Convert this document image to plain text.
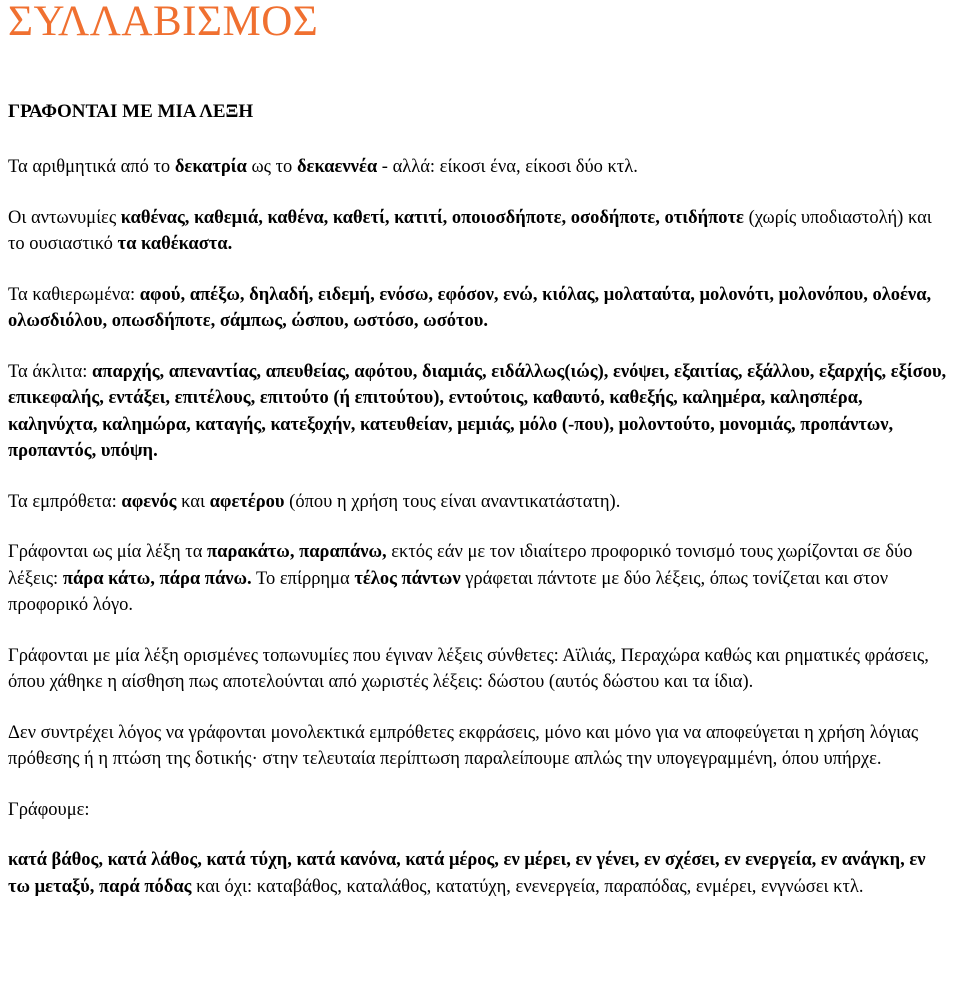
ΣΥΛΛΑΒΙΣΜΟΣ
ΓΡΑΦΟΝΤΑΙ ΜΕ ΜΙΑ ΛΕΞΗ

Τα αριθμητικά από το δεκατρία ως το δεκαεννέα - αλλά: είκοσι ένα, είκοσι δύο κτλ.

Οι αντωνυμίες καθένας, καθεμιά, καθένα, καθετί, κατιτί, οποιοσδήποτε, οσοδήποτε, οτιδήποτε (χωρίς υποδιαστολή) και το ουσιαστικό τα καθέκαστα.

Τα καθιερωμένα: αφού, απέξω, δηλαδή, ειδεμή, ενόσω, εφόσον, ενώ, κιόλας, μολαταύτα, μολονότι, μολονόπου, ολοένα, ολωσδιόλου, οπωσδήποτε, σάμπως, ώσπου, ωστόσο, ωσότου.

Τα άκλιτα: απαρχής, απεναντίας, απευθείας, αφότου, διαμιάς, ειδάλλως(ιώς), ενόψει, εξαιτίας, εξάλλου, εξαρχής, εξίσου, επικεφαλής, εντάξει, επιτέλους, επιτούτο (ή επιτούτου), εντούτοις, καθαυτό, καθεξής, καλημέρα, καλησπέρα, καληνύχτα, καλημώρα, καταγής, κατεξοχήν, κατευθείαν, μεμιάς, μόλο (-που), μολοντούτο, μονομιάς, προπάντων, προπαντός, υπόψη.

Τα εμπρόθετα: αφενός και αφετέρου (όπου η χρήση τους είναι αναντικατάστατη).

Γράφονται ως μία λέξη τα παρακάτω, παραπάνω, εκτός εάν με τον ιδιαίτερο προφορικό τονισμό τους χωρίζονται σε δύο λέξεις: πάρα κάτω, πάρα πάνω. Το επίρρημα τέλος πάντων γράφεται πάντοτε με δύο λέξεις, όπως τονίζεται και στον προφορικό λόγο.

Γράφονται με μία λέξη ορισμένες τοπωνυμίες που έγιναν λέξεις σύνθετες: Αϊλιάς, Περαχώρα καθώς και ρηματικές φράσεις, όπου χάθηκε η αίσθηση πως αποτελούνται από χωριστές λέξεις: δώστου (αυτός δώστου και τα ίδια).

Δεν συντρέχει λόγος να γράφονται μονολεκτικά εμπρόθετες εκφράσεις, μόνο και μόνο για να αποφεύγεται η χρήση λόγιας πρόθεσης ή η πτώση της δοτικής· στην τελευταία περίπτωση παραλείπουμε απλώς την υπογεγραμμένη, όπου υπήρχε.

Γράφουμε:

κατά βάθος, κατά λάθος, κατά τύχη, κατά κανόνα, κατά μέρος, εν μέρει, εν γένει, εν σχέσει, εν ενεργεία, εν ανάγκη, εν τω μεταξύ, παρά πόδας και όχι: καταβάθος, καταλάθος, κατατύχη, ενενεργεία, παραπόδας, ενμέρει, ενγνώσει κτλ.
